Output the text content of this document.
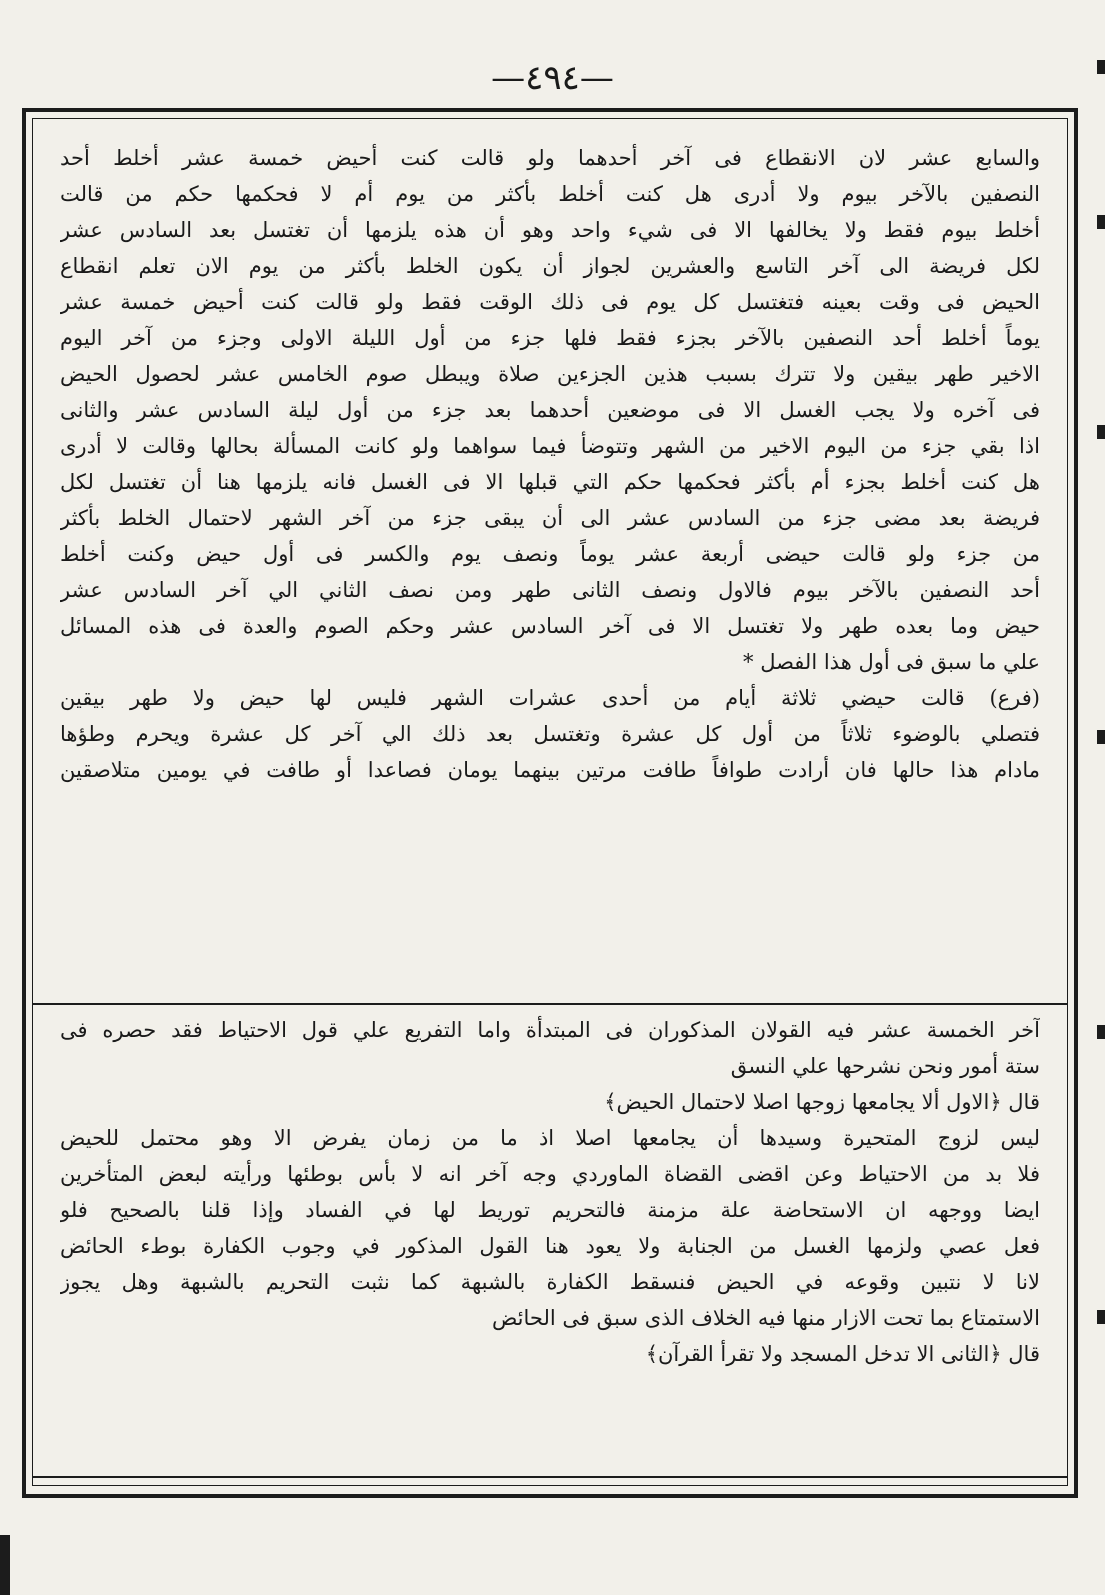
—٤٩٤—
والسابع عشر لان الانقطاع فى آخر أحدهما ولو قالت كنت أحيض خمسة عشر أخلط أحد
النصفين بالآخر بيوم ولا أدرى هل كنت أخلط بأكثر من يوم أم لا فحكمها حكم من قالت
أخلط بيوم فقط ولا يخالفها الا فى شيء واحد وهو أن هذه يلزمها أن تغتسل بعد السادس عشر
لكل فريضة الى آخر التاسع والعشرين لجواز أن يكون الخلط بأكثر من يوم الان تعلم انقطاع
الحيض فى وقت بعينه فتغتسل كل يوم فى ذلك الوقت فقط ولو قالت كنت أحيض خمسة عشر
يوماً أخلط أحد النصفين بالآخر بجزء فقط فلها جزء من أول الليلة الاولى وجزء من آخر اليوم
الاخير طهر بيقين ولا تترك بسبب هذين الجزءين صلاة ويبطل صوم الخامس عشر لحصول الحيض
فى آخره ولا يجب الغسل الا فى موضعين أحدهما بعد جزء من أول ليلة السادس عشر والثانى
اذا بقي جزء من اليوم الاخير من الشهر وتتوضأ فيما سواهما ولو كانت المسألة بحالها وقالت لا أدرى
هل كنت أخلط بجزء أم بأكثر فحكمها حكم التي قبلها الا فى الغسل فانه يلزمها هنا أن تغتسل لكل
فريضة بعد مضى جزء من السادس عشر الى أن يبقى جزء من آخر الشهر لاحتمال الخلط بأكثر
من جزء ولو قالت حيضى أربعة عشر يوماً ونصف يوم والكسر فى أول حيض وكنت أخلط
أحد النصفين بالآخر بيوم فالاول ونصف الثانى طهر ومن نصف الثاني الي آخر السادس عشر
حيض وما بعده طهر ولا تغتسل الا فى آخر السادس عشر وحكم الصوم والعدة فى هذه المسائل
علي ما سبق فى أول هذا الفصل *
(فرع) قالت حيضي ثلاثة أيام من أحدى عشرات الشهر فليس لها حيض ولا طهر بيقين
فتصلي بالوضوء ثلاثاً من أول كل عشرة وتغتسل بعد ذلك الي آخر كل عشرة ويحرم وطؤها
مادام هذا حالها فان أرادت طوافاً طافت مرتين بينهما يومان فصاعدا أو طافت في يومين متلاصقين
آخر الخمسة عشر فيه القولان المذكوران فى المبتدأة واما التفريع علي قول الاحتياط فقد حصره فى
ستة أمور ونحن نشرحها علي النسق
قال ﴿الاول ألا يجامعها زوجها اصلا لاحتمال الحيض﴾
ليس لزوج المتحيرة وسيدها أن يجامعها اصلا اذ ما من زمان يفرض الا وهو محتمل للحيض
فلا بد من الاحتياط وعن اقضى القضاة الماوردي وجه آخر انه لا بأس بوطئها ورأيته لبعض المتأخرين
ايضا ووجهه ان الاستحاضة علة مزمنة فالتحريم توريط لها في الفساد وإذا قلنا بالصحيح فلو
فعل عصي ولزمها الغسل من الجنابة ولا يعود هنا القول المذكور في وجوب الكفارة بوطء الحائض
لانا لا نتبين وقوعه في الحيض فنسقط الكفارة بالشبهة كما نثبت التحريم بالشبهة وهل يجوز
الاستمتاع بما تحت الازار منها فيه الخلاف الذى سبق فى الحائض
قال ﴿الثانى الا تدخل المسجد ولا تقرأ القرآن﴾
